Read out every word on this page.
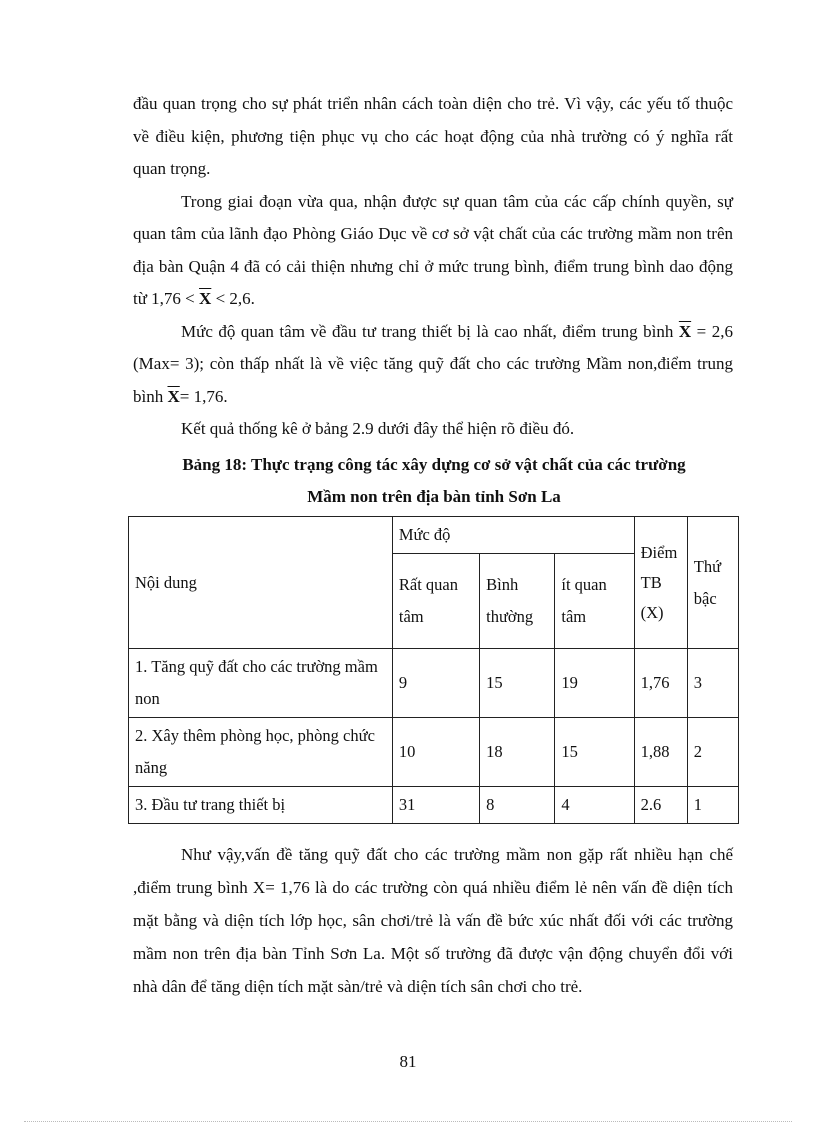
đầu quan trọng cho sự phát triển nhân cách toàn diện cho trẻ. Vì vậy, các yếu tố thuộc về điều kiện, phương tiện phục vụ cho các hoạt động của nhà trường có ý nghĩa rất quan trọng.

Trong giai đoạn vừa qua, nhận được sự quan tâm của các cấp chính quyền, sự quan tâm của lãnh đạo Phòng Giáo Dục về cơ sở vật chất của các trường mầm non trên địa bàn Quận 4 đã có cải thiện nhưng chỉ ở mức trung bình, điểm trung bình dao động từ $1,76 < \overline{X} < 2,6$.

Mức độ quan tâm về đầu tư trang thiết bị là cao nhất, điểm trung bình $\overline{X} = 2,6$ (Max= 3); còn thấp nhất là về việc tăng quỹ đất cho các trường Mầm non,điểm trung bình $\overline{X}= 1,76$.

Kết quả thống kê ở bảng 2.9 dưới đây thể hiện rõ điều đó.

Bảng 18: Thực trạng công tác xây dựng cơ sở vật chất của các trường

Mầm non trên địa bàn tỉnh Sơn La

Nội dung	Mức độ			Điểm TB (X)	Thứ bậc
	Rất quan tâm	Bình thường	ít quan tâm		
1. Tăng quỹ đất cho các trường mầm non	9	15	19	1,76	3
2. Xây thêm phòng học, phòng chức năng	10	18	15	1,88	2
3. Đầu tư trang thiết bị	31	8	4	2.6	1

Như vậy,vấn đề tăng quỹ đất cho các trường mầm non gặp rất nhiều hạn chế ,điểm trung bình X= 1,76 là do các trường còn quá nhiều điểm lẻ nên vấn đề diện tích mặt bằng và diện tích lớp học, sân chơi/trẻ là vấn đề bức xúc nhất đối với các trường mầm non trên địa bàn Tỉnh Sơn La. Một số trường đã được vận động chuyển đổi với nhà dân để tăng diện tích mặt sàn/trẻ và diện tích sân chơi cho trẻ.

81
